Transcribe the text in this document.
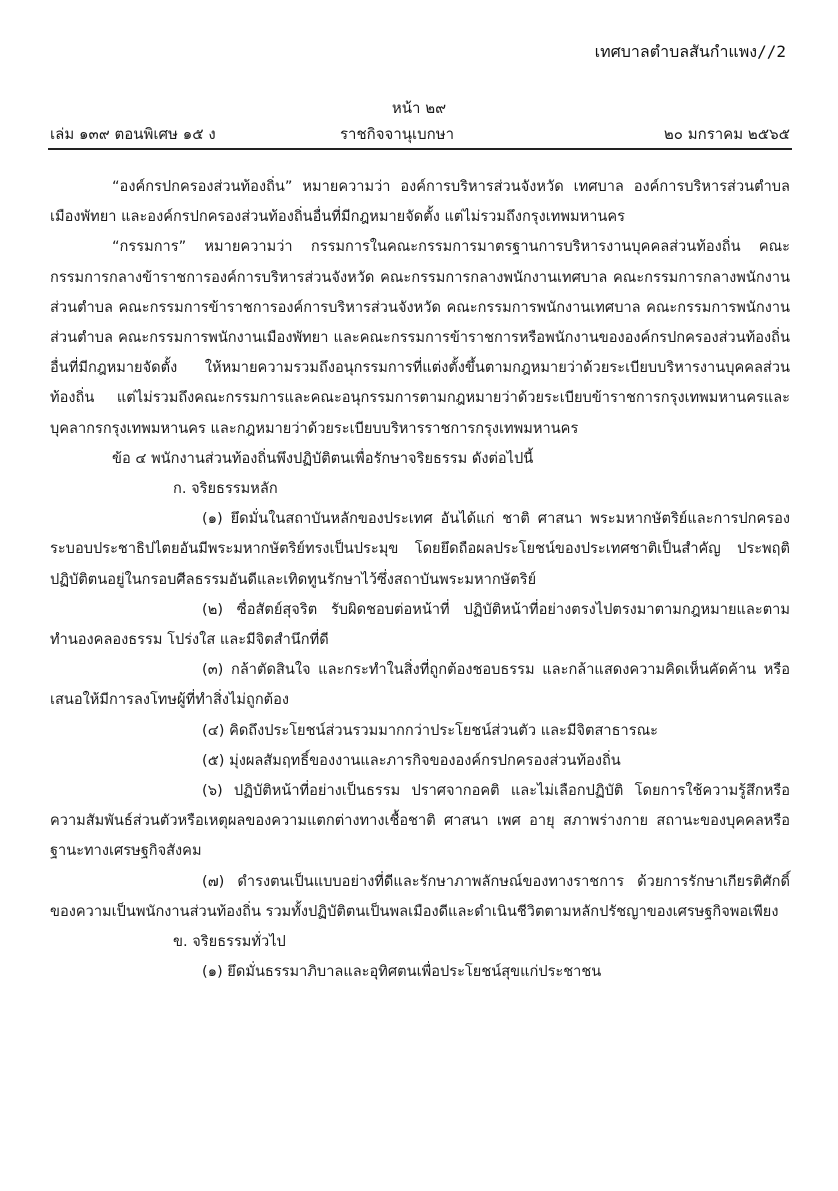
เทศบาลตำบลสันกำแพง//2
หน้า ๒๙
เล่ม ๑๓๙ ตอนพิเศษ ๑๕ ง	ราชกิจจานุเบกษา	๒๐ มกราคม ๒๕๖๕

“องค์กรปกครองส่วนท้องถิ่น” หมายความว่า องค์การบริหารส่วนจังหวัด เทศบาล องค์การบริหารส่วนตำบล เมืองพัทยา และองค์กรปกครองส่วนท้องถิ่นอื่นที่มีกฎหมายจัดตั้ง แต่ไม่รวมถึงกรุงเทพมหานคร

“กรรมการ” หมายความว่า กรรมการในคณะกรรมการมาตรฐานการบริหารงานบุคคลส่วนท้องถิ่น คณะกรรมการกลางข้าราชการองค์การบริหารส่วนจังหวัด คณะกรรมการกลางพนักงานเทศบาล คณะกรรมการกลางพนักงานส่วนตำบล คณะกรรมการข้าราชการองค์การบริหารส่วนจังหวัด คณะกรรมการพนักงานเทศบาล คณะกรรมการพนักงานส่วนตำบล คณะกรรมการพนักงานเมืองพัทยา และคณะกรรมการข้าราชการหรือพนักงานขององค์กรปกครองส่วนท้องถิ่นอื่นที่มีกฎหมายจัดตั้ง ให้หมายความรวมถึงอนุกรรมการที่แต่งตั้งขึ้นตามกฎหมายว่าด้วยระเบียบบริหารงานบุคคลส่วนท้องถิ่น แต่ไม่รวมถึงคณะกรรมการและคณะอนุกรรมการตามกฎหมายว่าด้วยระเบียบข้าราชการกรุงเทพมหานครและบุคลากรกรุงเทพมหานคร และกฎหมายว่าด้วยระเบียบบริหารราชการกรุงเทพมหานคร

ข้อ ๔ พนักงานส่วนท้องถิ่นพึงปฏิบัติตนเพื่อรักษาจริยธรรม ดังต่อไปนี้

ก. จริยธรรมหลัก

(๑) ยึดมั่นในสถาบันหลักของประเทศ อันได้แก่ ชาติ ศาสนา พระมหากษัตริย์และการปกครองระบอบประชาธิปไตยอันมีพระมหากษัตริย์ทรงเป็นประมุข โดยยึดถือผลประโยชน์ของประเทศชาติเป็นสำคัญ ประพฤติ ปฏิบัติตนอยู่ในกรอบศีลธรรมอันดีและเทิดทูนรักษาไว้ซึ่งสถาบันพระมหากษัตริย์

(๒) ซื่อสัตย์สุจริต รับผิดชอบต่อหน้าที่ ปฏิบัติหน้าที่อย่างตรงไปตรงมาตามกฎหมายและตามทำนองคลองธรรม โปร่งใส และมีจิตสำนึกที่ดี

(๓) กล้าตัดสินใจ และกระทำในสิ่งที่ถูกต้องชอบธรรม และกล้าแสดงความคิดเห็นคัดค้าน หรือเสนอให้มีการลงโทษผู้ที่ทำสิ่งไม่ถูกต้อง

(๔) คิดถึงประโยชน์ส่วนรวมมากกว่าประโยชน์ส่วนตัว และมีจิตสาธารณะ

(๕) มุ่งผลสัมฤทธิ์ของงานและภารกิจขององค์กรปกครองส่วนท้องถิ่น

(๖) ปฏิบัติหน้าที่อย่างเป็นธรรม ปราศจากอคติ และไม่เลือกปฏิบัติ โดยการใช้ความรู้สึกหรือความสัมพันธ์ส่วนตัวหรือเหตุผลของความแตกต่างทางเชื้อชาติ ศาสนา เพศ อายุ สภาพร่างกาย สถานะของบุคคลหรือฐานะทางเศรษฐกิจสังคม

(๗) ดำรงตนเป็นแบบอย่างที่ดีและรักษาภาพลักษณ์ของทางราชการ ด้วยการรักษาเกียรติศักดิ์ของความเป็นพนักงานส่วนท้องถิ่น รวมทั้งปฏิบัติตนเป็นพลเมืองดีและดำเนินชีวิตตามหลักปรัชญาของเศรษฐกิจพอเพียง

ข. จริยธรรมทั่วไป

(๑) ยึดมั่นธรรมาภิบาลและอุทิศตนเพื่อประโยชน์สุขแก่ประชาชน
